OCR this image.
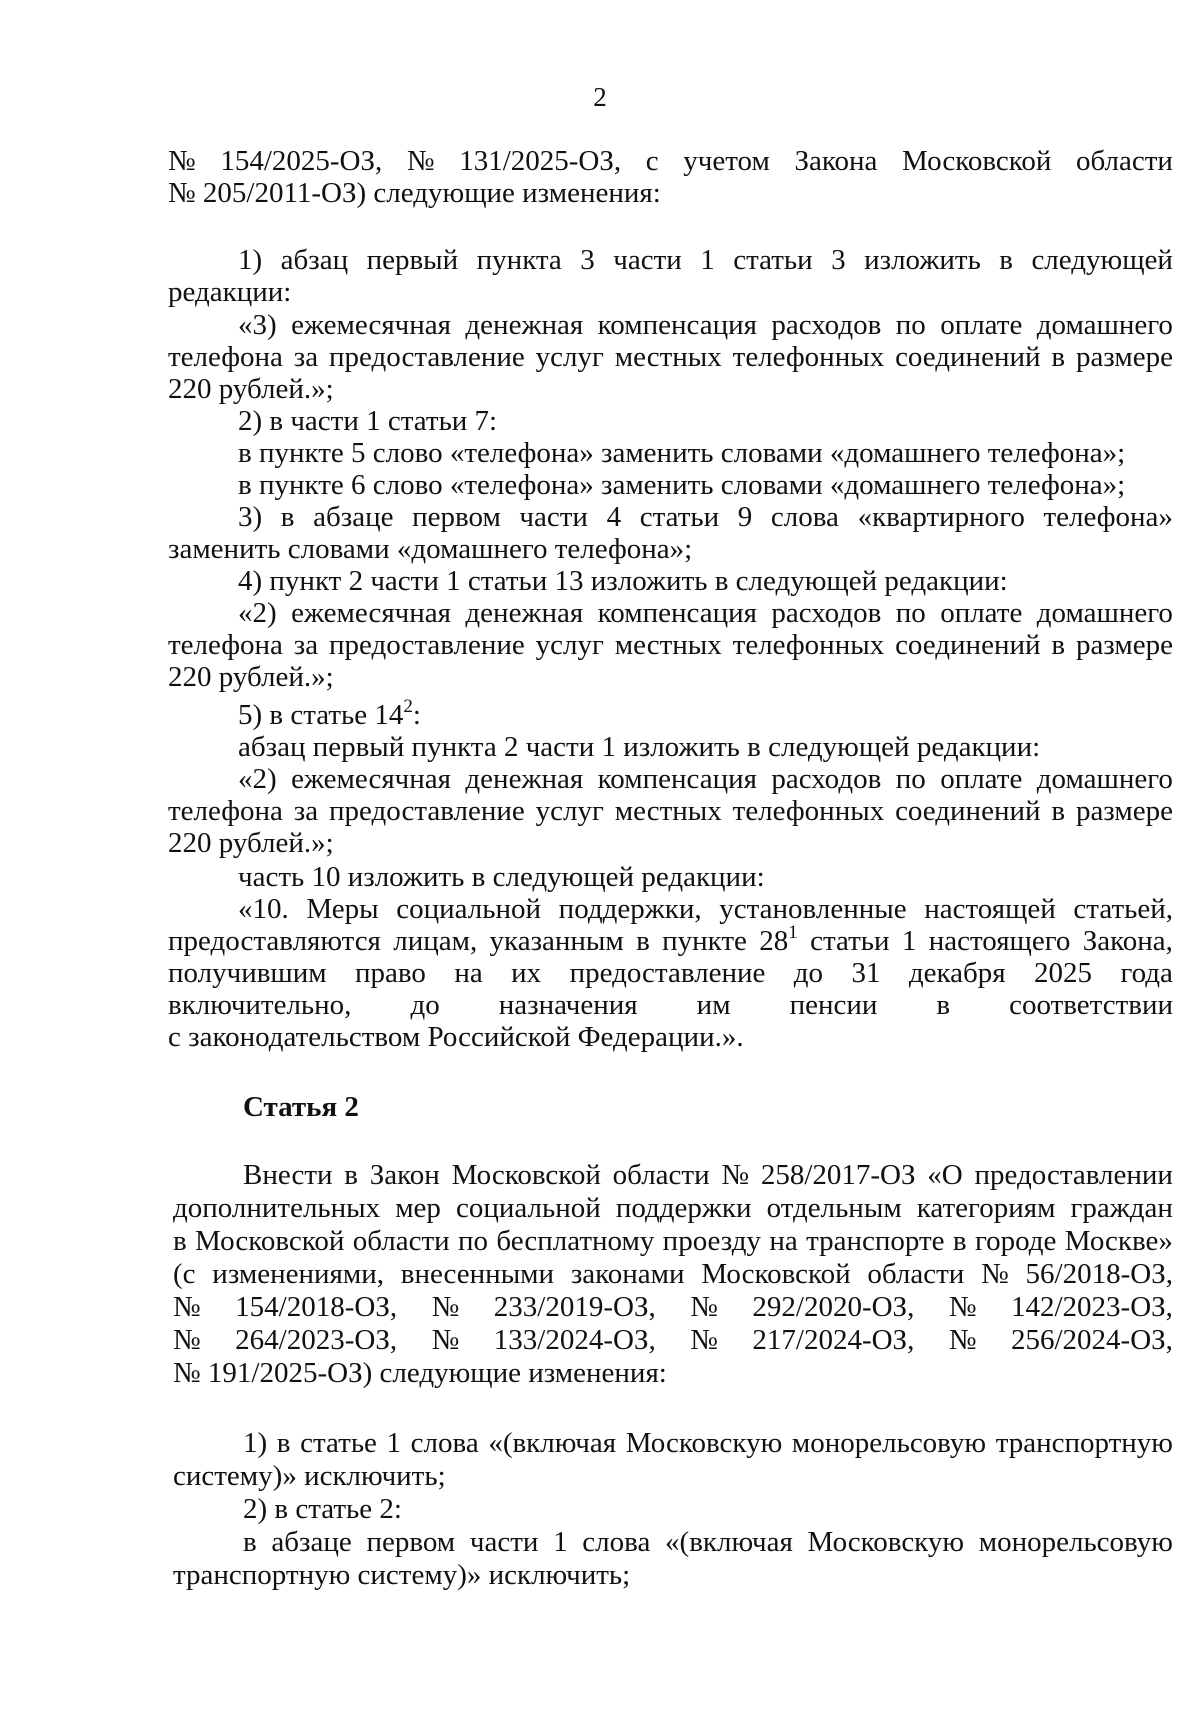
2
№ 154/2025-ОЗ, № 131/2025-ОЗ, с учетом Закона Московской области
№ 205/2011-ОЗ) следующие изменения:
1) абзац первый пункта 3 части 1 статьи 3 изложить в следующей
редакции:
«3) ежемесячная денежная компенсация расходов по оплате домашнего
телефона за предоставление услуг местных телефонных соединений в размере
220 рублей.»;
2) в части 1 статьи 7:
в пункте 5 слово «телефона» заменить словами «домашнего телефона»;
в пункте 6 слово «телефона» заменить словами «домашнего телефона»;
3) в абзаце первом части 4 статьи 9 слова «квартирного телефона»
заменить словами «домашнего телефона»;
4) пункт 2 части 1 статьи 13 изложить в следующей редакции:
«2) ежемесячная денежная компенсация расходов по оплате домашнего
телефона за предоставление услуг местных телефонных соединений в размере
220 рублей.»;
5) в статье $14^2$:
абзац первый пункта 2 части 1 изложить в следующей редакции:
«2) ежемесячная денежная компенсация расходов по оплате домашнего
телефона за предоставление услуг местных телефонных соединений в размере
220 рублей.»;
часть 10 изложить в следующей редакции:
«10. Меры социальной поддержки, установленные настоящей статьей,
предоставляются лицам, указанным в пункте $28^1$ статьи 1 настоящего Закона,
получившим право на их предоставление до 31 декабря 2025 года
включительно, до назначения им пенсии в соответствии
с законодательством Российской Федерации.».
Статья 2
Внести в Закон Московской области № 258/2017-ОЗ «О предоставлении
дополнительных мер социальной поддержки отдельным категориям граждан
в Московской области по бесплатному проезду на транспорте в городе Москве»
(с изменениями, внесенными законами Московской области № 56/2018-ОЗ,
№ 154/2018-ОЗ, № 233/2019-ОЗ, № 292/2020-ОЗ, № 142/2023-ОЗ,
№ 264/2023-ОЗ, № 133/2024-ОЗ, № 217/2024-ОЗ, № 256/2024-ОЗ,
№ 191/2025-ОЗ) следующие изменения:
1) в статье 1 слова «(включая Московскую монорельсовую транспортную
систему)» исключить;
2) в статье 2:
в абзаце первом части 1 слова «(включая Московскую монорельсовую
транспортную систему)» исключить;
